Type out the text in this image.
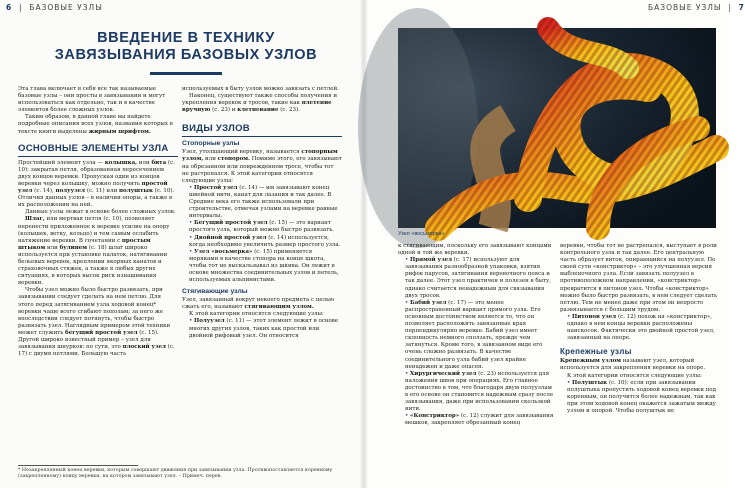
6  |  БАЗОВЫЕ УЗЛЫ	БАЗОВЫЕ УЗЛЫ  |  7
ВВЕДЕНИЕ В ТЕХНИКУ ЗАВЯЗЫВАНИЯ БАЗОВЫХ УЗЛОВ

Эта глава включает в себя все так называемые базовые узлы – они просты в завязывании и могут использоваться как отдельно, так и в качестве элементов более сложных узлов.

Таким образом, в данной главе вы найдете подробные описания всех узлов, названия которых в тексте книги выделены жирным шрифтом.

ОСНОВНЫЕ ЭЛЕМЕНТЫ УЗЛА

Простейший элемент узла — колышка, или бита (с. 10): закрытая петля, образованная пересечением двух концов веревки. Пропуская один из концов веревки через колышку, можно получить простой узел (с. 14), полуузел (с. 11) или полуштык (с. 10). Отличия данных узлов – в наличии опоры, а также в их расположении на ней.

Данные узлы лежат в основе более сложных узлов.

Шлаг, или мертвая петля (с. 10), позволяет перенести приложенное к веревке усилие на опору (колышек, ветку, кольцо) и тем самым ослабить натяжение веревки. В сочетании с простым штыком или булинем (с. 18) шлаг широко используется при установке палаток, натягивании бельевых веревок, креплении якорных канатов и страховочных стяжек, а также в любых других ситуациях, в которых высок риск изнашивания веревки.

Чтобы узел можно было быстро развязать, при завязывании следует сделать на нем петлю. Для этого перед затягиванием узла ходовой конец* веревки чаще всего сгибают пополам; за него же впоследствии следует потянуть, чтобы быстро развязать узел. Наглядным примером этой техники может служить бегущий простой узел (с. 15). Другой широко известный пример – узел для завязывания шнурков: по сути, это плоский узел (с. 17) с двумя петлями. Большую часть

используемых в быту узлов можно завязать с петлей.

Наконец, существуют также способы получения и укрепления веревок и тросов, такие как плетение вручную (с. 23) и клетневание (с. 23).

ВИДЫ УЗЛОВ
Стопорные узлы

Узел, утолщающий веревку, называется стопорным узлом, или стопором. Помимо этого, его завязывают на обрезанном или поврежденном тросе, чтобы тот не растрепался. К этой категории относятся следующие узлы:

• Простой узел (с. 14) — им завязывают конец швейной нити, канат для лазания и так далее. В Средние века его также использовали при строительстве, отмечая узлами на веревке равные интервалы.

• Бегущий простой узел (с. 15) — это вариант простого узла, который можно быстро развязать.

• Двойной простой узел (с. 14) используется, когда необходимо увеличить размер простого узла.

• Узел «восьмерка» (с. 15) применяется моряками в качестве стопора на конце шкота, чтобы тот не выскальзывал из шкива. Он лежит в основе множества соединительных узлов и петель, используемых альпинистами.

Стягивающие узлы

Узел, завязанный вокруг некоего предмета с целью сжать его, называют стягивающим узлом.

К этой категории относятся следующие узлы:

• Полуузел (с. 11) — этот элемент лежит в основе многих других узлов, таких как простой или двойной рифовый узел. Он относится

* Незакрепленный конец веревки, которым совершают движения при завязывании узла. Противопоставляется коренному (закрепленному) концу веревки, на котором завязывают узел. – Примеч. перев.
Узел «восьмерка»

к стягивающим, поскольку его завязывают концами одной и той же веревки.

• Прямой узел (с. 17) используют для завязывания разнообразной упаковки, взятия рифов парусов, затягивания веревочного пояса и так далее. Этот узел практичен и полезен в быту, однако считается ненадежным для связывания двух тросов.

• Бабий узел (с. 17) — это менее распространенный вариант прямого узла. Его основным достоинством является то, что он позволяет расположить завязанные края перпендикулярно веревке. Бабий узел имеет склонность немного сползать, прежде чем затянуться. Кроме того, в завязанном виде его очень сложно развязать. В качестве соединительного узла бабий узел крайне ненадежен и даже опасен.

• Хирургический узел (с. 23) используется для наложения швов при операциях. Его главное достоинство в том, что благодаря двум полуузлам в его основе он становится надежным сразу после завязывания, даже при использовании скользкой нити.

• «Констриктор» (с. 12) служит для завязывания мешков, закрепляет обрезанный конец

веревки, чтобы тот не растрепался, выступает в роли контрольного узла и так далее. Его центральную часть образует виток, опирающийся на полуузел. По своей сути «констриктор» – это улучшенная версия выбленочного узла. Если завязать полуузел в противоположном направлении, «констриктор» превратится в питонов узел. Чтобы «констриктор» можно было быстро развязать, в нем следует сделать петлю. Тем не менее даже при этом он непросто развязывается с большим трудом.

• Питонов узел (с. 12) похож на «констриктор», однако в нем концы веревки расположены наискосок. Фактически это двойной простой узел, завязанный на опоре.

Крепежные узлы

Крепежным узлом называют узел, который используется для закрепления веревки на опоре.

К этой категории относятся следующие узлы:

• Полуштык (с. 10): если при завязывании полуштыка пропустить ходовой конец веревки под коренным, он получится более надежным, так как при этом ходовой конец окажется зажатым между узлом и опорой. Чтобы полуштык не
